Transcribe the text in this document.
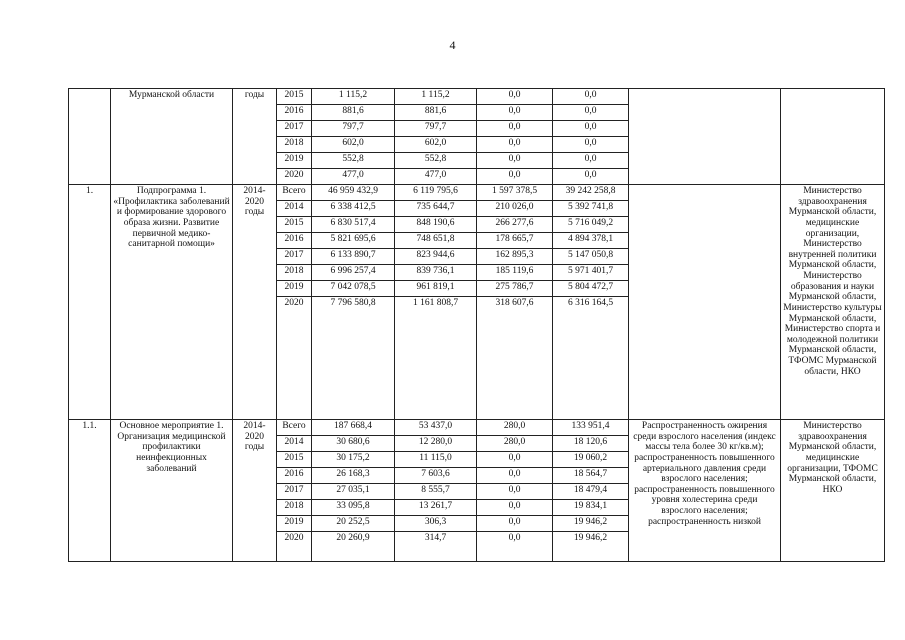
4
	Мурманской области	годы	2015	1 115,2	1 115,2	0,0	0,0		
			2016	881,6	881,6	0,0	0,0		
			2017	797,7	797,7	0,0	0,0		
			2018	602,0	602,0	0,0	0,0		
			2019	552,8	552,8	0,0	0,0		
			2020	477,0	477,0	0,0	0,0		
1.	Подпрограмма 1. «Профилактика заболеваний и формирование здорового образа жизни. Развитие первичной медико-санитарной помощи»	2014-2020 годы	Всего	46 959 432,9	6 119 795,6	1 597 378,5	39 242 258,8		Министерство здравоохранения Мурманской области, медицинские организации, Министерство внутренней политики Мурманской области, Министерство образования и науки Мурманской области, Министерство культуры Мурманской области, Министерство спорта и молодежной политики Мурманской области, ТФОМС Мурманской области, НКО
			2014	6 338 412,5	735 644,7	210 026,0	5 392 741,8		
			2015	6 830 517,4	848 190,6	266 277,6	5 716 049,2		
			2016	5 821 695,6	748 651,8	178 665,7	4 894 378,1		
			2017	6 133 890,7	823 944,6	162 895,3	5 147 050,8		
			2018	6 996 257,4	839 736,1	185 119,6	5 971 401,7		
			2019	7 042 078,5	961 819,1	275 786,7	5 804 472,7		
			2020	7 796 580,8	1 161 808,7	318 607,6	6 316 164,5		
1.1.	Основное мероприятие 1. Организация медицинской профилактики неинфекционных заболеваний	2014-2020 годы	Всего	187 668,4	53 437,0	280,0	133 951,4	Распространенность ожирения среди взрослого населения (индекс массы тела более 30 кг/кв.м); распространенность повышенного артериального давления среди взрослого населения; распространенность повышенного уровня холестерина среди взрослого населения; распространенность низкой	Министерство здравоохранения Мурманской области, медицинские организации, ТФОМС Мурманской области, НКО
			2014	30 680,6	12 280,0	280,0	18 120,6		
			2015	30 175,2	11 115,0	0,0	19 060,2		
			2016	26 168,3	7 603,6	0,0	18 564,7		
			2017	27 035,1	8 555,7	0,0	18 479,4		
			2018	33 095,8	13 261,7	0,0	19 834,1		
			2019	20 252,5	306,3	0,0	19 946,2		
			2020	20 260,9	314,7	0,0	19 946,2		
